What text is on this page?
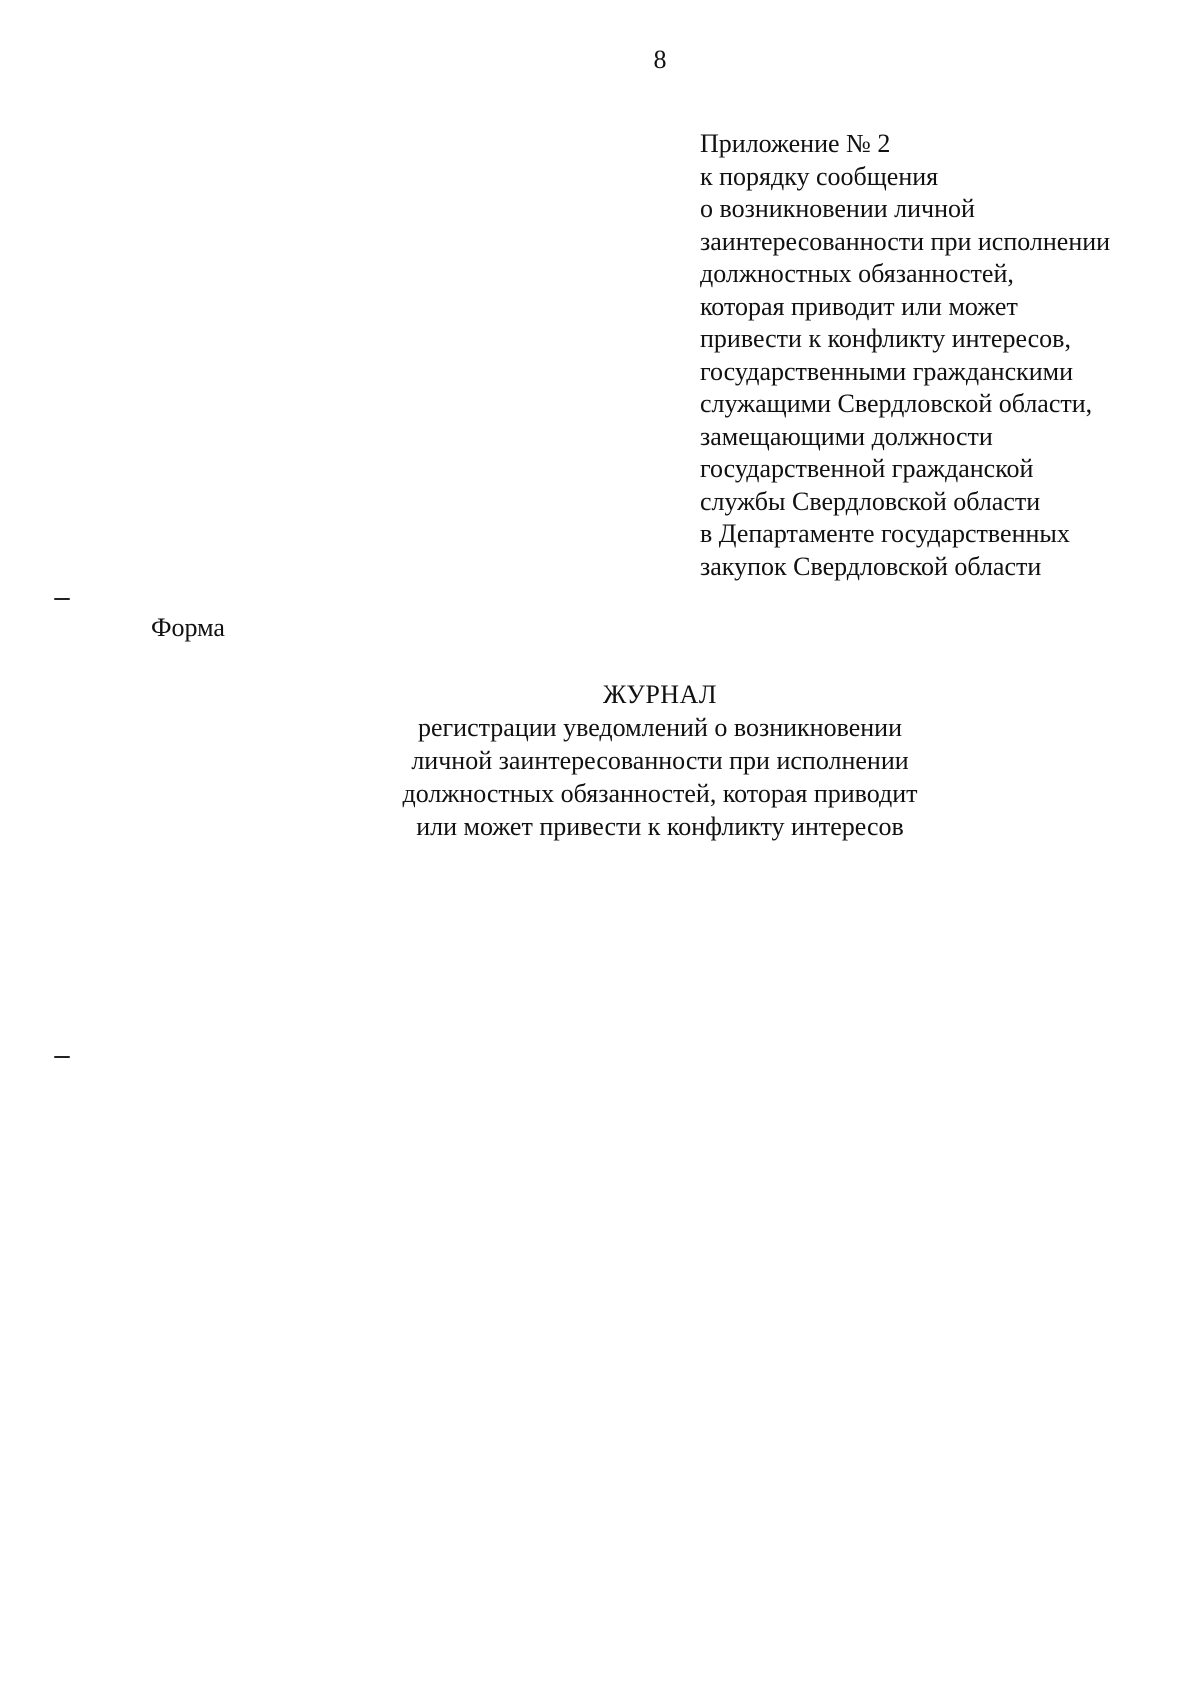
8
Приложение № 2
к порядку сообщения
о возникновении личной
заинтересованности при исполнении
должностных обязанностей,
которая приводит или может
привести к конфликту интересов,
государственными гражданскими
служащими Свердловской области,
замещающими должности
государственной гражданской
службы Свердловской области
в Департаменте государственных
закупок Свердловской области
Форма
ЖУРНАЛ
регистрации уведомлений о возникновении
личной заинтересованности при исполнении
должностных обязанностей, которая приводит
или может привести к конфликту интересов
